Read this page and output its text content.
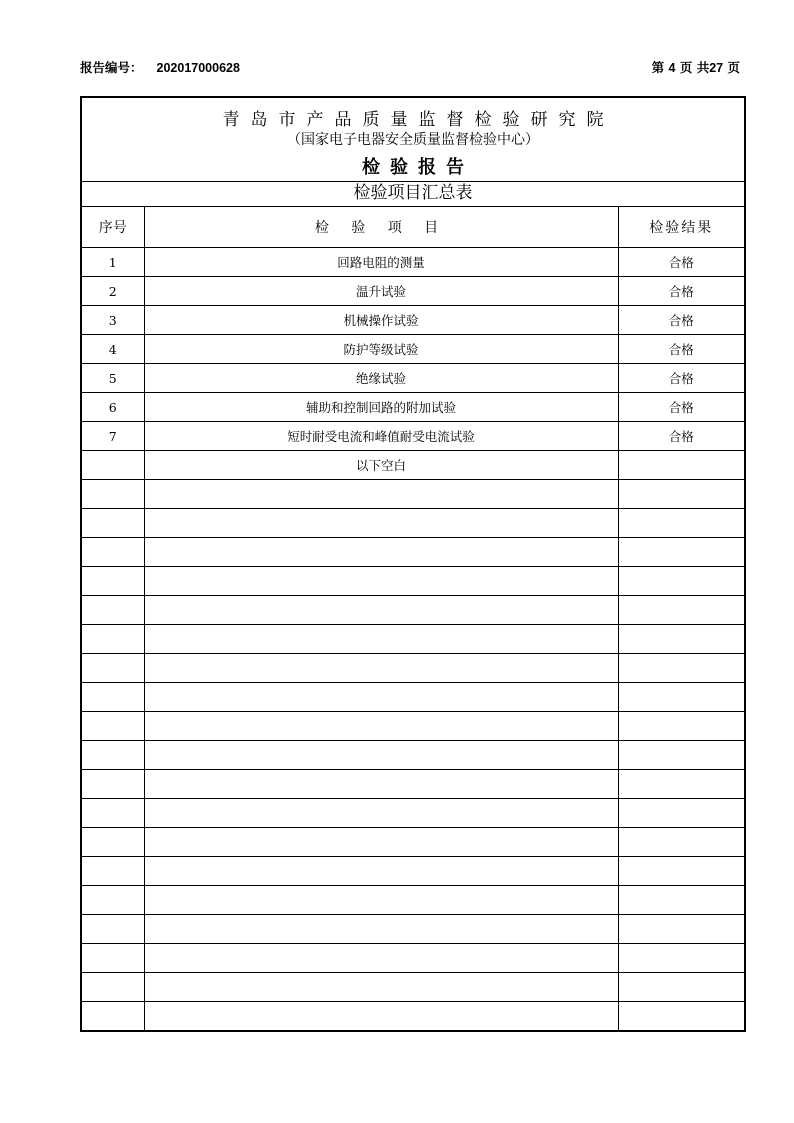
报告编号： 202017000628	第 4 页 共27 页
青岛市产品质量监督检验研究院
（国家电子电器安全质量监督检验中心）
检验报告
检验项目汇总表
序号	检 验 项 目	检验结果
1	回路电阻的测量	合格
2	温升试验	合格
3	机械操作试验	合格
4	防护等级试验	合格
5	绝缘试验	合格
6	辅助和控制回路的附加试验	合格
7	短时耐受电流和峰值耐受电流试验	合格
	以下空白	
